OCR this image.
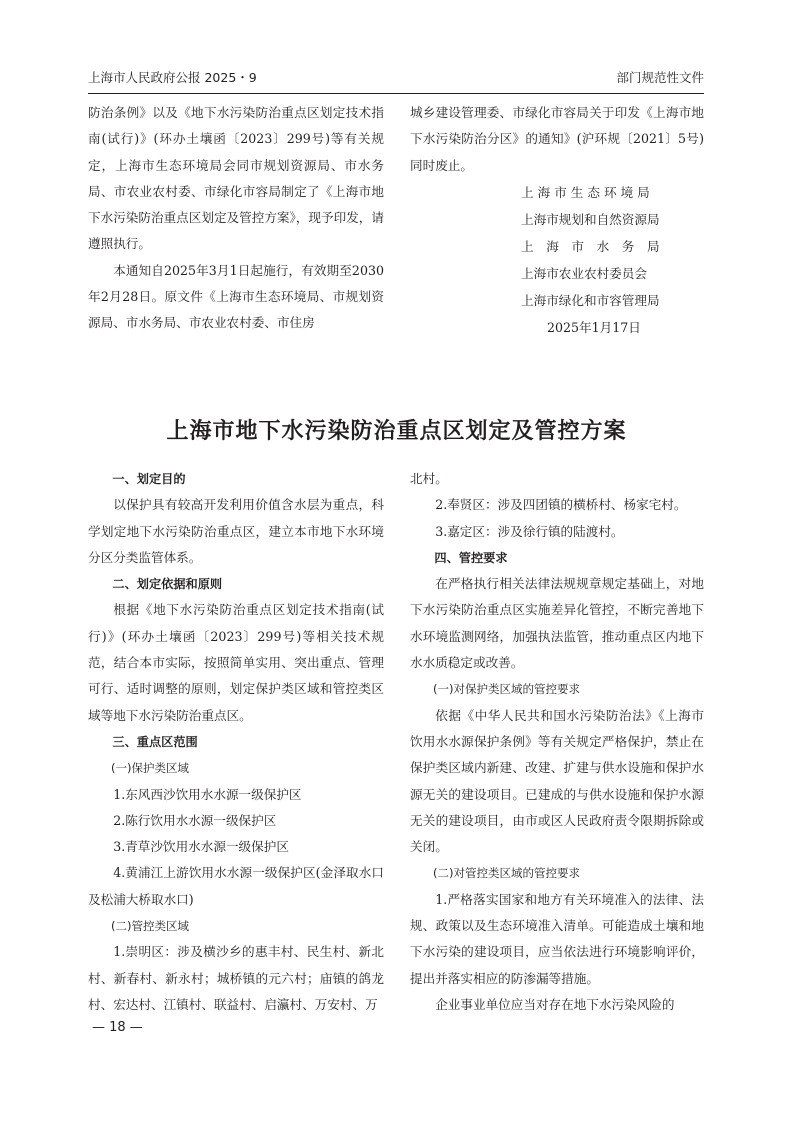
上海市人民政府公报 2025・9	部门规范性文件

防治条例》以及《地下水污染防治重点区划定技术指南(试行)》(环办土壤函〔2023〕299号)等有关规定，上海市生态环境局会同市规划资源局、市水务局、市农业农村委、市绿化市容局制定了《上海市地下水污染防治重点区划定及管控方案》，现予印发，请遵照执行。

本通知自2025年3月1日起施行，有效期至2030年2月28日。原文件《上海市生态环境局、市规划资源局、市水务局、市农业农村委、市住房

城乡建设管理委、市绿化市容局关于印发《上海市地下水污染防治分区》的通知》(沪环规〔2021〕5号)同时废止。

上 海 市 生 态 环 境 局
上海市规划和自然资源局
上　海　市　水　务　局
上海市农业农村委员会
上海市绿化和市容管理局
2025年1月17日
上海市地下水污染防治重点区划定及管控方案

一、划定目的

以保护具有较高开发利用价值含水层为重点，科学划定地下水污染防治重点区，建立本市地下水环境分区分类监管体系。

二、划定依据和原则

根据《地下水污染防治重点区划定技术指南(试行)》(环办土壤函〔2023〕299号)等相关技术规范，结合本市实际，按照简单实用、突出重点、管理可行、适时调整的原则，划定保护类区域和管控类区域等地下水污染防治重点区。

三、重点区范围

(一)保护类区域

1.东风西沙饮用水水源一级保护区

2.陈行饮用水水源一级保护区

3.青草沙饮用水水源一级保护区

4.黄浦江上游饮用水水源一级保护区(金泽取水口及松浦大桥取水口)

(二)管控类区域

1.崇明区：涉及横沙乡的惠丰村、民生村、新北村、新春村、新永村；城桥镇的元六村；庙镇的鸽龙村、宏达村、江镇村、联益村、启瀛村、万安村、万

北村。

2.奉贤区：涉及四团镇的横桥村、杨家宅村。

3.嘉定区：涉及徐行镇的陆渡村。

四、管控要求

在严格执行相关法律法规规章规定基础上，对地下水污染防治重点区实施差异化管控，不断完善地下水环境监测网络，加强执法监管，推动重点区内地下水水质稳定或改善。

(一)对保护类区域的管控要求

依据《中华人民共和国水污染防治法》《上海市饮用水水源保护条例》等有关规定严格保护，禁止在保护类区域内新建、改建、扩建与供水设施和保护水源无关的建设项目。已建成的与供水设施和保护水源无关的建设项目，由市或区人民政府责令限期拆除或关闭。

(二)对管控类区域的管控要求

1.严格落实国家和地方有关环境准入的法律、法规、政策以及生态环境准入清单。可能造成土壤和地下水污染的建设项目，应当依法进行环境影响评价，提出并落实相应的防渗漏等措施。

企业事业单位应当对存在地下水污染风险的

— 18 —
